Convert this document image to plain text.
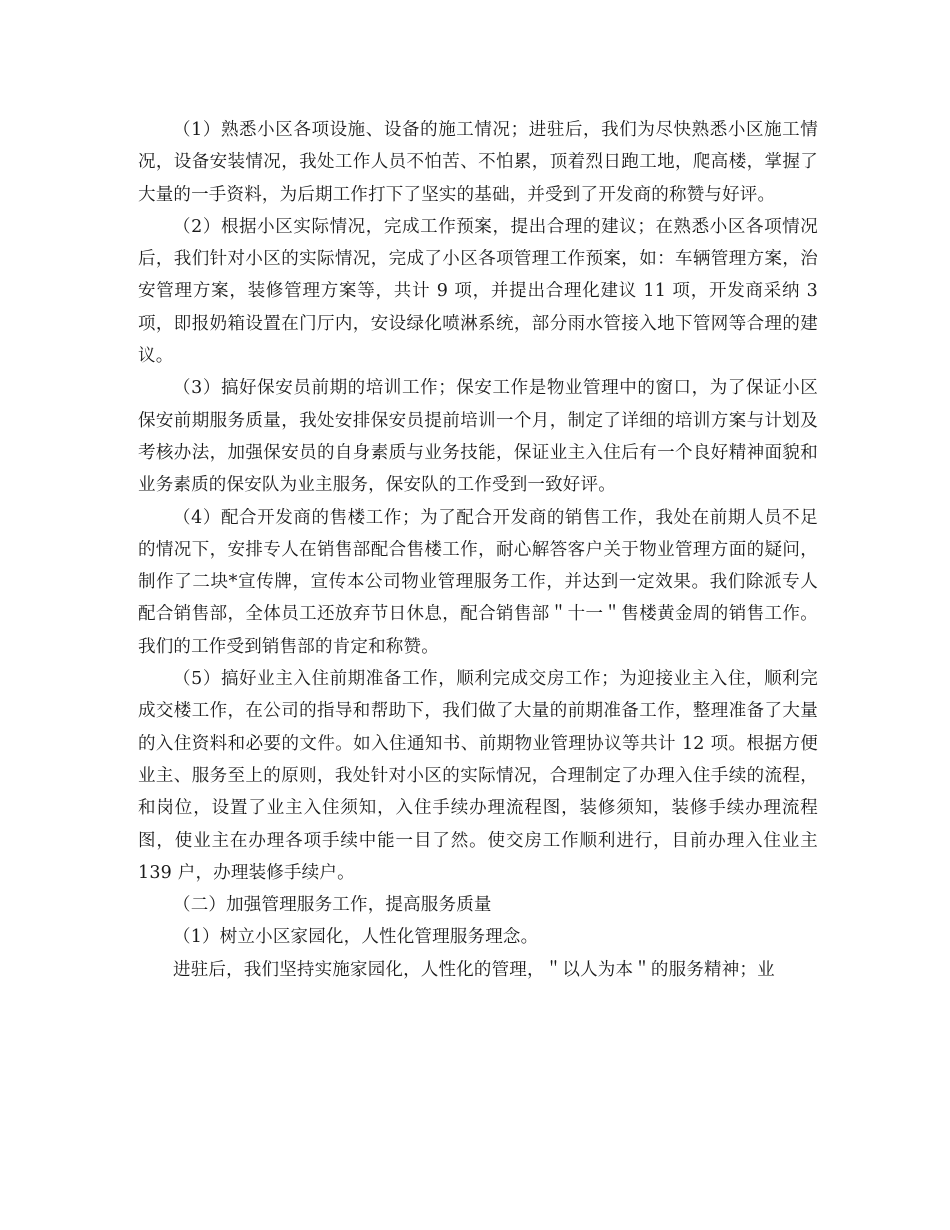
（1）熟悉小区各项设施、设备的施工情况；进驻后，我们为尽快熟悉小区施工情况，设备安装情况，我处工作人员不怕苦、不怕累，顶着烈日跑工地，爬高楼，掌握了大量的一手资料，为后期工作打下了坚实的基础，并受到了开发商的称赞与好评。

（2）根据小区实际情况，完成工作预案，提出合理的建议；在熟悉小区各项情况后，我们针对小区的实际情况，完成了小区各项管理工作预案，如：车辆管理方案，治安管理方案，装修管理方案等，共计 9 项，并提出合理化建议 11 项，开发商采纳 3 项，即报奶箱设置在门厅内，安设绿化喷淋系统，部分雨水管接入地下管网等合理的建议。

（3）搞好保安员前期的培训工作；保安工作是物业管理中的窗口，为了保证小区保安前期服务质量，我处安排保安员提前培训一个月，制定了详细的培训方案与计划及考核办法，加强保安员的自身素质与业务技能，保证业主入住后有一个良好精神面貌和业务素质的保安队为业主服务，保安队的工作受到一致好评。

（4）配合开发商的售楼工作；为了配合开发商的销售工作，我处在前期人员不足的情况下，安排专人在销售部配合售楼工作，耐心解答客户关于物业管理方面的疑问，制作了二块*宣传牌，宣传本公司物业管理服务工作，并达到一定效果。我们除派专人配合销售部，全体员工还放弃节日休息，配合销售部＂十一＂售楼黄金周的销售工作。我们的工作受到销售部的肯定和称赞。

（5）搞好业主入住前期准备工作，顺利完成交房工作；为迎接业主入住，顺利完成交楼工作，在公司的指导和帮助下，我们做了大量的前期准备工作，整理准备了大量的入住资料和必要的文件。如入住通知书、前期物业管理协议等共计 12 项。根据方便业主、服务至上的原则，我处针对小区的实际情况，合理制定了办理入住手续的流程，和岗位，设置了业主入住须知，入住手续办理流程图，装修须知，装修手续办理流程图，使业主在办理各项手续中能一目了然。使交房工作顺利进行，目前办理入住业主 139 户，办理装修手续户。

（二）加强管理服务工作，提高服务质量

（1）树立小区家园化，人性化管理服务理念。

进驻后，我们坚持实施家园化，人性化的管理，＂以人为本＂的服务精神；业
